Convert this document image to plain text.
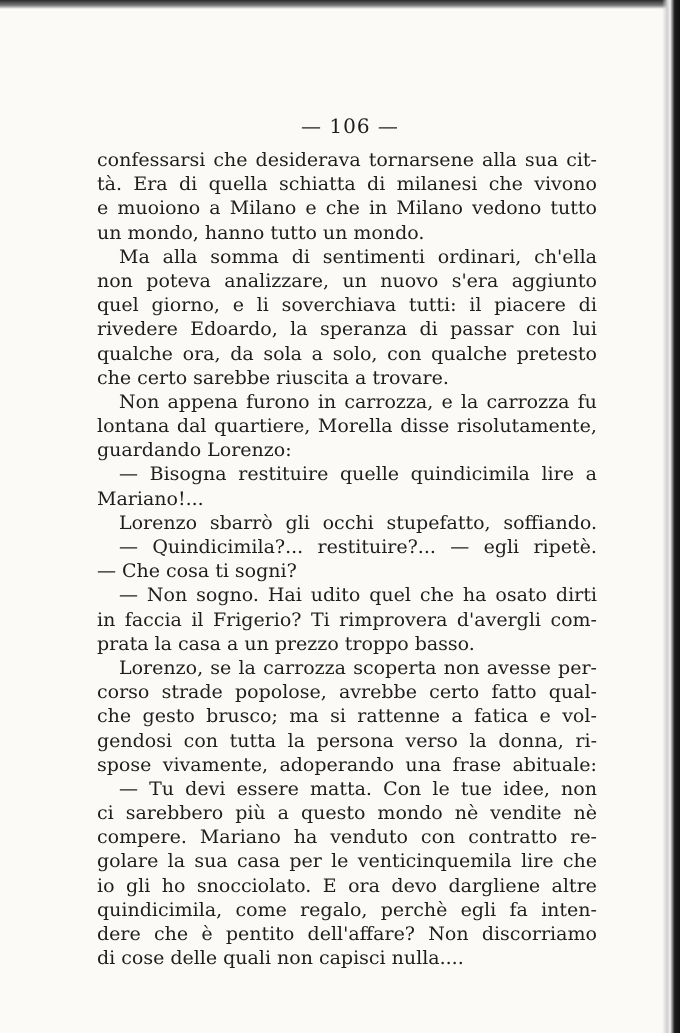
— 106 —
confessarsi che desiderava tornarsene alla sua cit-
tà. Era di quella schiatta di milanesi che vivono
e muoiono a Milano e che in Milano vedono tutto
un mondo, hanno tutto un mondo.
Ma alla somma di sentimenti ordinari, ch'ella
non poteva analizzare, un nuovo s'era aggiunto
quel giorno, e li soverchiava tutti: il piacere di
rivedere Edoardo, la speranza di passar con lui
qualche ora, da sola a solo, con qualche pretesto
che certo sarebbe riuscita a trovare.
Non appena furono in carrozza, e la carrozza fu
lontana dal quartiere, Morella disse risolutamente,
guardando Lorenzo:
— Bisogna restituire quelle quindicimila lire a
Mariano!...
Lorenzo sbarrò gli occhi stupefatto, soffiando.
— Quindicimila?... restituire?... — egli ripetè.
— Che cosa ti sogni?
— Non sogno. Hai udito quel che ha osato dirti
in faccia il Frigerio? Ti rimprovera d'avergli com-
prata la casa a un prezzo troppo basso.
Lorenzo, se la carrozza scoperta non avesse per-
corso strade popolose, avrebbe certo fatto qual-
che gesto brusco; ma si rattenne a fatica e vol-
gendosi con tutta la persona verso la donna, ri-
spose vivamente, adoperando una frase abituale:
— Tu devi essere matta. Con le tue idee, non
ci sarebbero più a questo mondo nè vendite nè
compere. Mariano ha venduto con contratto re-
golare la sua casa per le venticinquemila lire che
io gli ho snocciolato. E ora devo dargliene altre
quindicimila, come regalo, perchè egli fa inten-
dere che è pentito dell'affare? Non discorriamo
di cose delle quali non capisci nulla....
